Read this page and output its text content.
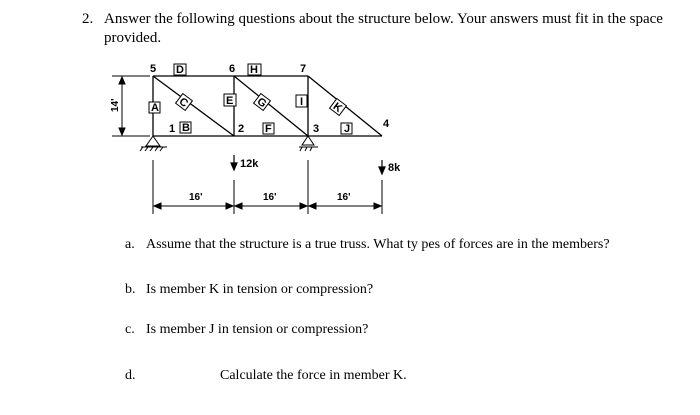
2. Answer the following questions about the structure below. Your answers must fit in the space
provided.
14'
5	6	7
1	2	3	4
A
B
C
D
E
F
G
H
I
J
K
12k	8k
16'	16'	16'
a. Assume that the structure is a true truss. What ty pes of forces are in the members?
b. Is member K in tension or compression?
c. Is member J in tension or compression?
d.	Calculate the force in member K.
